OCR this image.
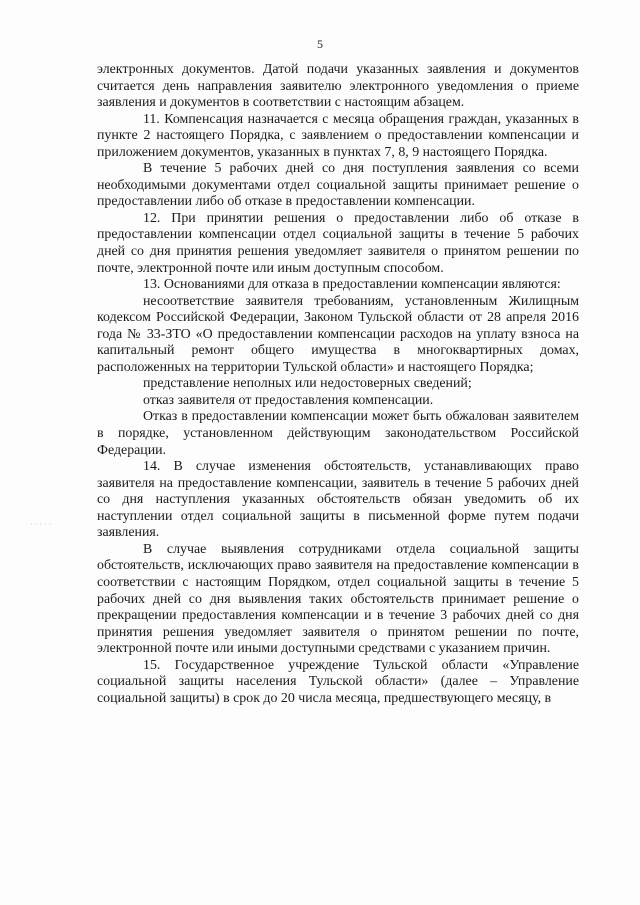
5

электронных документов. Датой подачи указанных заявления и документов считается день направления заявителю электронного уведомления о приеме заявления и документов в соответствии с настоящим абзацем.

11. Компенсация назначается с месяца обращения граждан, указанных в пункте 2 настоящего Порядка, с заявлением о предоставлении компенсации и приложением документов, указанных в пунктах 7, 8, 9 настоящего Порядка.

В течение 5 рабочих дней со дня поступления заявления со всеми необходимыми документами отдел социальной защиты принимает решение о предоставлении либо об отказе в предоставлении компенсации.

12. При принятии решения о предоставлении либо об отказе в предоставлении компенсации отдел социальной защиты в течение 5 рабочих дней со дня принятия решения уведомляет заявителя о принятом решении по почте, электронной почте или иным доступным способом.

13. Основаниями для отказа в предоставлении компенсации являются:

несоответствие заявителя требованиям, установленным Жилищным кодексом Российской Федерации, Законом Тульской области от 28 апреля 2016 года № 33-ЗТО «О предоставлении компенсации расходов на уплату взноса на капитальный ремонт общего имущества в многоквартирных домах, расположенных на территории Тульской области» и настоящего Порядка;

представление неполных или недостоверных сведений;

отказ заявителя от предоставления компенсации.

Отказ в предоставлении компенсации может быть обжалован заявителем в порядке, установленном действующим законодательством Российской Федерации.

14. В случае изменения обстоятельств, устанавливающих право заявителя на предоставление компенсации, заявитель в течение 5 рабочих дней со дня наступления указанных обстоятельств обязан уведомить об их наступлении отдел социальной защиты в письменной форме путем подачи заявления.

В случае выявления сотрудниками отдела социальной защиты обстоятельств, исключающих право заявителя на предоставление компенсации в соответствии с настоящим Порядком, отдел социальной защиты в течение 5 рабочих дней со дня выявления таких обстоятельств принимает решение о прекращении предоставления компенсации и в течение 3 рабочих дней со дня принятия решения уведомляет заявителя о принятом решении по почте, электронной почте или иными доступными средствами с указанием причин.

15. Государственное учреждение Тульской области «Управление социальной защиты населения Тульской области» (далее – Управление социальной защиты) в срок до 20 числа месяца, предшествующего месяцу, в

· · · · ·
